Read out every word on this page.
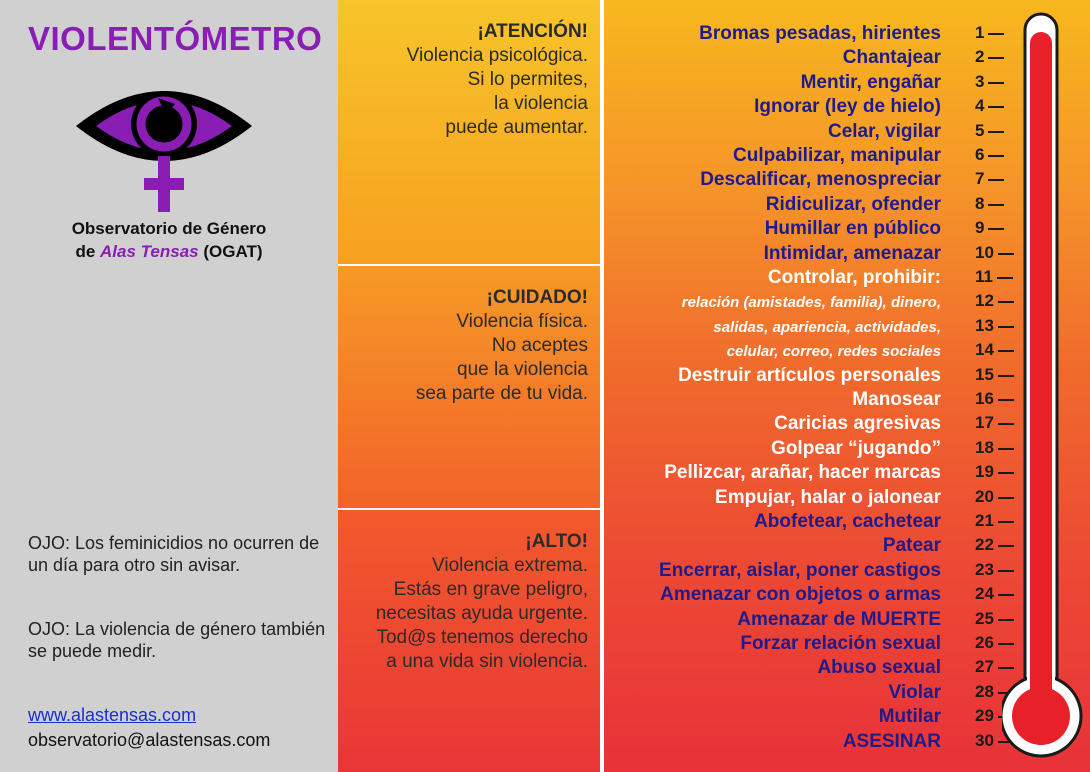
VIOLENTÓMETRO
Observatorio de Género
de Alas Tensas (OGAT)
OJO: Los feminicidios no ocurren de un día para otro sin avisar.
OJO: La violencia de género también se puede medir.
www.alastensas.com
observatorio@alastensas.com
¡ATENCIÓN!
Violencia psicológica.
Si lo permites,
la violencia
puede aumentar.
¡CUIDADO!
Violencia física.
No aceptes
que la violencia
sea parte de tu vida.
¡ALTO!
Violencia extrema.
Estás en grave peligro,
necesitas ayuda urgente.
Tod@s tenemos derecho
a una vida sin violencia.
Bromas pesadas, hirientes 1
Chantajear 2
Mentir, engañar 3
Ignorar (ley de hielo) 4
Celar, vigilar 5
Culpabilizar, manipular 6
Descalificar, menospreciar 7
Ridiculizar, ofender 8
Humillar en público 9
Intimidar, amenazar 10
Controlar, prohibir: 11
relación (amistades, familia), dinero, 12
salidas, apariencia, actividades, 13
celular, correo, redes sociales 14
Destruir artículos personales 15
Manosear 16
Caricias agresivas 17
Golpear “jugando” 18
Pellizcar, arañar, hacer marcas 19
Empujar, halar o jalonear 20
Abofetear, cachetear 21
Patear 22
Encerrar, aislar, poner castigos 23
Amenazar con objetos o armas 24
Amenazar de MUERTE 25
Forzar relación sexual 26
Abuso sexual 27
Violar 28
Mutilar 29
ASESINAR 30
